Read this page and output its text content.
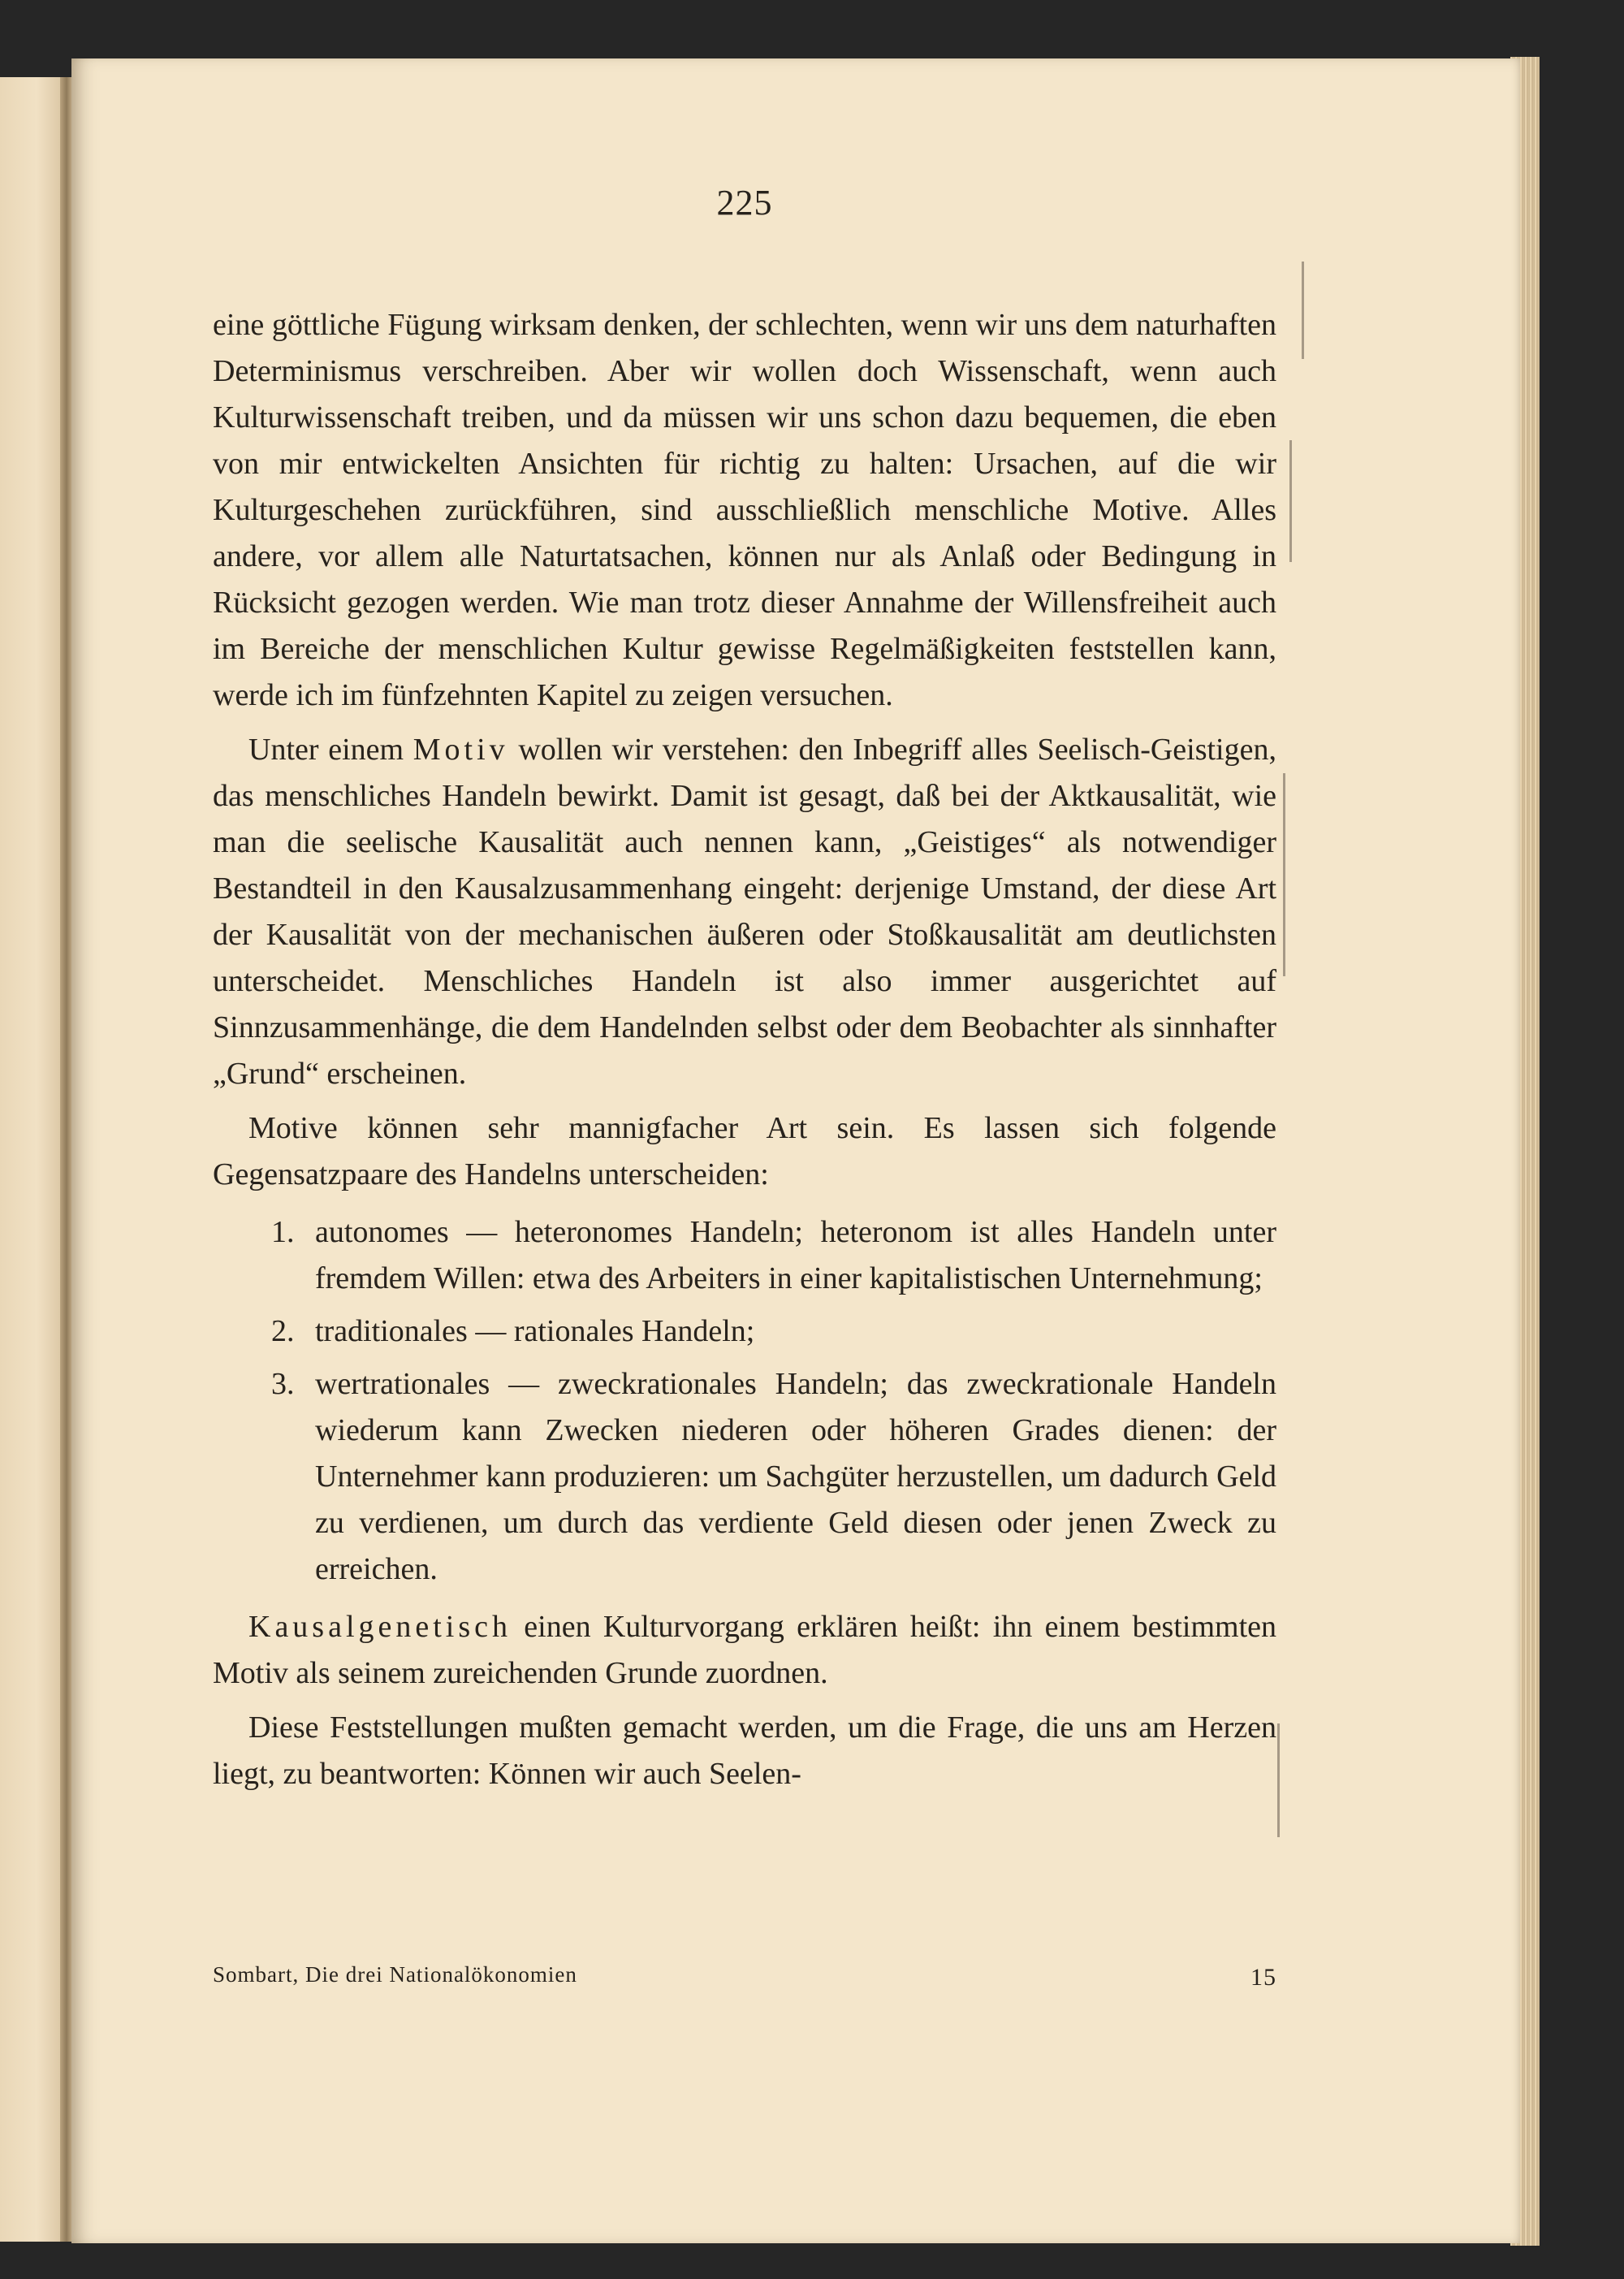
225

eine göttliche Fügung wirksam denken, der schlechten, wenn wir uns dem naturhaften Determinismus verschreiben. Aber wir wollen doch Wissenschaft, wenn auch Kulturwissenschaft treiben, und da müssen wir uns schon dazu bequemen, die eben von mir entwickelten Ansichten für richtig zu halten: Ursachen, auf die wir Kulturgeschehen zurückführen, sind ausschließlich menschliche Motive. Alles andere, vor allem alle Naturtatsachen, können nur als Anlaß oder Bedingung in Rücksicht gezogen werden. Wie man trotz dieser Annahme der Willensfreiheit auch im Bereiche der menschlichen Kultur gewisse Regelmäßigkeiten feststellen kann, werde ich im fünfzehnten Kapitel zu zeigen versuchen.

Unter einem Motiv wollen wir verstehen: den Inbegriff alles Seelisch-Geistigen, das menschliches Handeln bewirkt. Damit ist gesagt, daß bei der Aktkausalität, wie man die seelische Kausalität auch nennen kann, „Geistiges“ als notwendiger Bestandteil in den Kausalzusammenhang eingeht: derjenige Umstand, der diese Art der Kausalität von der mechanischen äußeren oder Stoßkausalität am deutlichsten unterscheidet. Menschliches Handeln ist also immer ausgerichtet auf Sinnzusammenhänge, die dem Handelnden selbst oder dem Beobachter als sinnhafter „Grund“ erscheinen.

Motive können sehr mannigfacher Art sein. Es lassen sich folgende Gegensatzpaare des Handelns unterscheiden:

1. autonomes — heteronomes Handeln; heteronom ist alles Handeln unter fremdem Willen: etwa des Arbeiters in einer kapitalistischen Unternehmung;
2. traditionales — rationales Handeln;
3. wertrationales — zweckrationales Handeln; das zweckrationale Handeln wiederum kann Zwecken niederen oder höheren Grades dienen: der Unternehmer kann produzieren: um Sachgüter herzustellen, um dadurch Geld zu verdienen, um durch das verdiente Geld diesen oder jenen Zweck zu erreichen.

Kausalgenetisch einen Kulturvorgang erklären heißt: ihn einem bestimmten Motiv als seinem zureichenden Grunde zuordnen.

Diese Feststellungen mußten gemacht werden, um die Frage, die uns am Herzen liegt, zu beantworten: Können wir auch Seelen-

Sombart, Die drei Nationalökonomien	15
